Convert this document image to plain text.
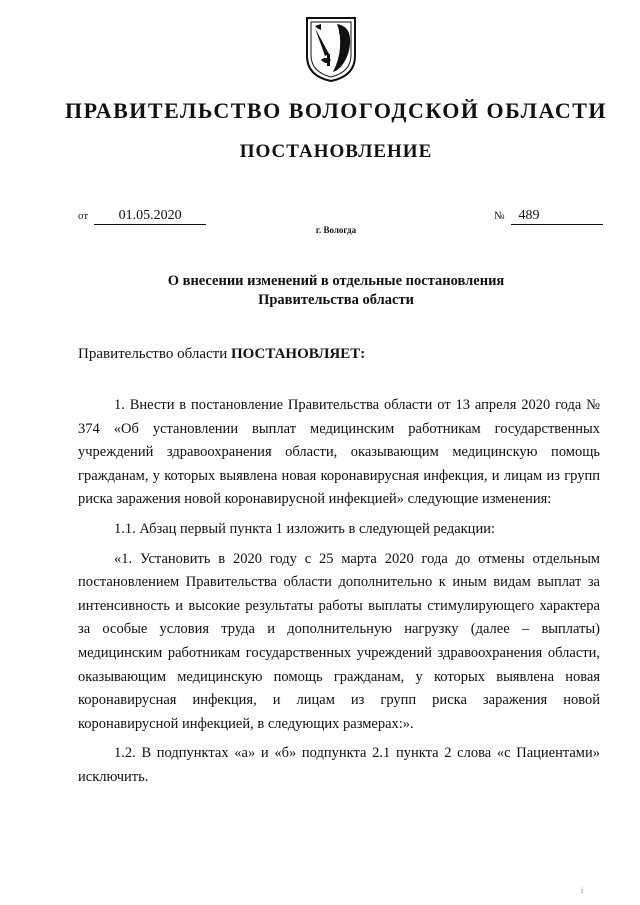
ПРАВИТЕЛЬСТВО ВОЛОГОДСКОЙ ОБЛАСТИ
ПОСТАНОВЛЕНИЕ
от 01.05.2020	№ 489
г. Вологда
О внесении изменений в отдельные постановления
Правительства области
Правительство области ПОСТАНОВЛЯЕТ:

1. Внести в постановление Правительства области от 13 апреля 2020 года № 374 «Об установлении выплат медицинским работникам государственных учреждений здравоохранения области, оказывающим медицинскую помощь гражданам, у которых выявлена новая коронавирусная инфекция, и лицам из групп риска заражения новой коронавирусной инфекцией» следующие изменения:

1.1. Абзац первый пункта 1 изложить в следующей редакции:

«1. Установить в 2020 году с 25 марта 2020 года до отмены отдельным постановлением Правительства области дополнительно к иным видам выплат за интенсивность и высокие результаты работы выплаты стимулирующего характера за особые условия труда и дополнительную нагрузку (далее – выплаты) медицинским работникам государственных учреждений здравоохранения области, оказывающим медицинскую помощь гражданам, у которых выявлена новая коронавирусная инфекция, и лицам из групп риска заражения новой коронавирусной инфекцией, в следующих размерах:».

1.2. В подпунктах «а» и «б» подпункта 2.1 пункта 2 слова «с Пациентами» исключить.

i
